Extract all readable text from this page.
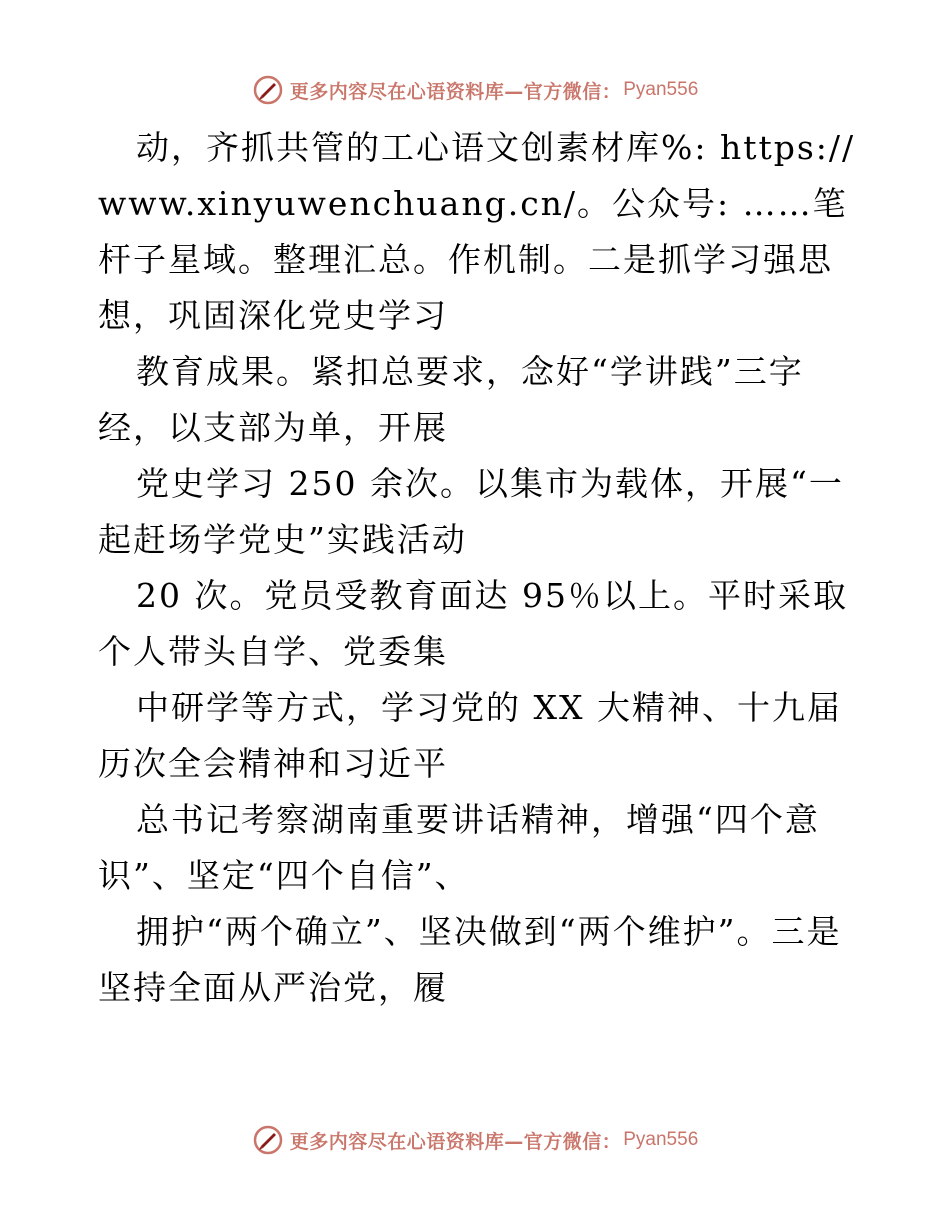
更多内容尽在心语资料库—官方微信： Pyan556

动，齐抓共管的工心语文创素材库%: https://www.xinyuwenchuang.cn/。公众号: ……笔杆子星域。整理汇总。作机制。二是抓学习强思想，巩固深化党史学习

教育成果。紧扣总要求，念好“学讲践”三字经，以支部为单，开展

党史学习 250 余次。以集市为载体，开展“一起赶场学党史”实践活动

20 次。党员受教育面达 95％以上。平时采取个人带头自学、党委集

中研学等方式，学习党的 XX 大精神、十九届历次全会精神和习近平

总书记考察湖南重要讲话精神，增强“四个意识”、坚定“四个自信”、

拥护“两个确立”、坚决做到“两个维护”。三是坚持全面从严治党，履

更多内容尽在心语资料库—官方微信： Pyan556
